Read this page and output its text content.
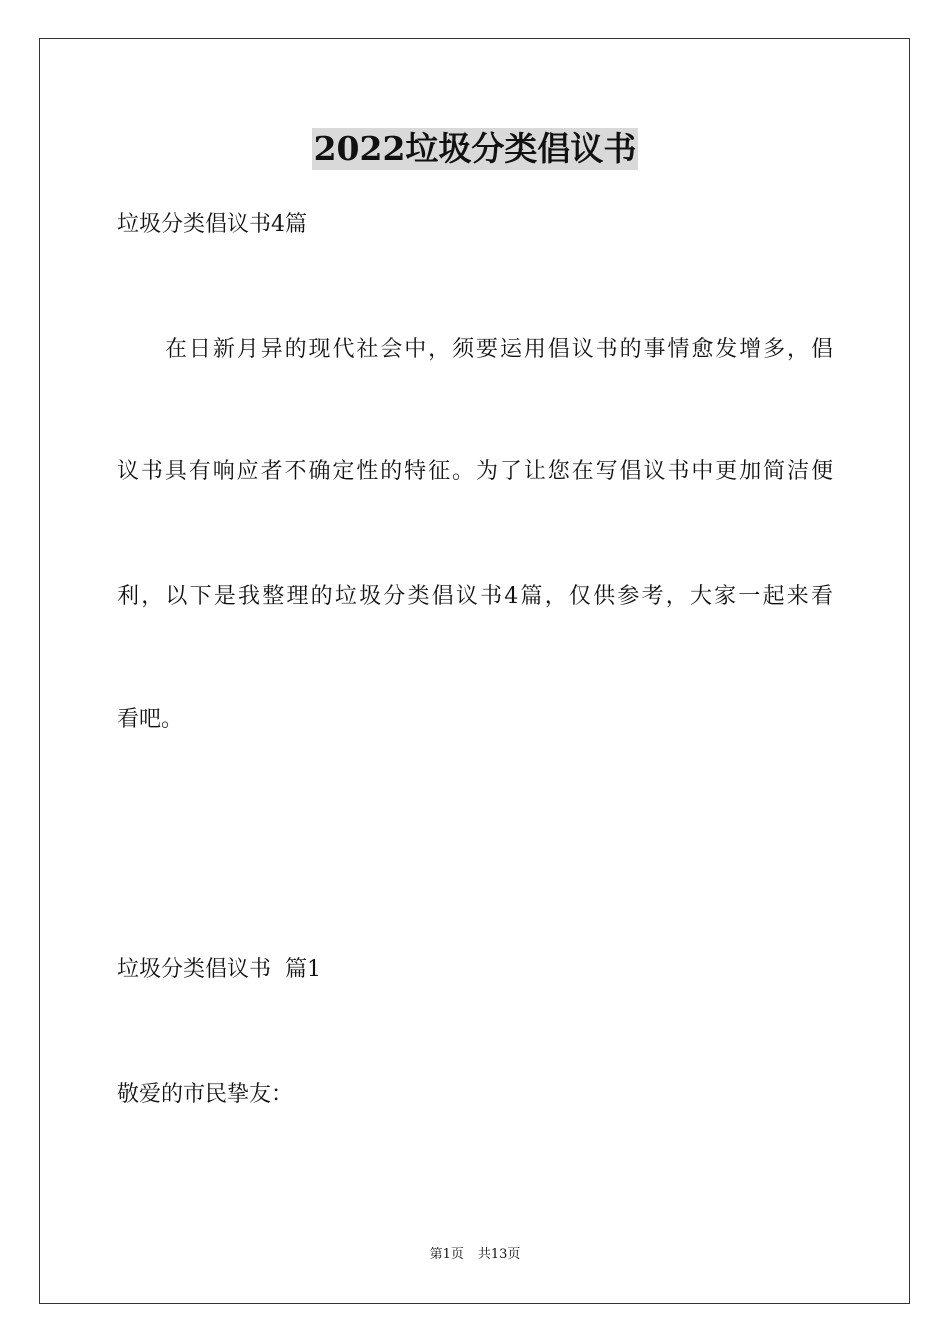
2022垃圾分类倡议书
垃圾分类倡议书4篇
在日新月异的现代社会中，须要运用倡议书的事情愈发增多，倡
议书具有响应者不确定性的特征。为了让您在写倡议书中更加简洁便
利，以下是我整理的垃圾分类倡议书4篇，仅供参考，大家一起来看
看吧。
垃圾分类倡议书  篇1
敬爱的市民挚友：
第1页 共13页
